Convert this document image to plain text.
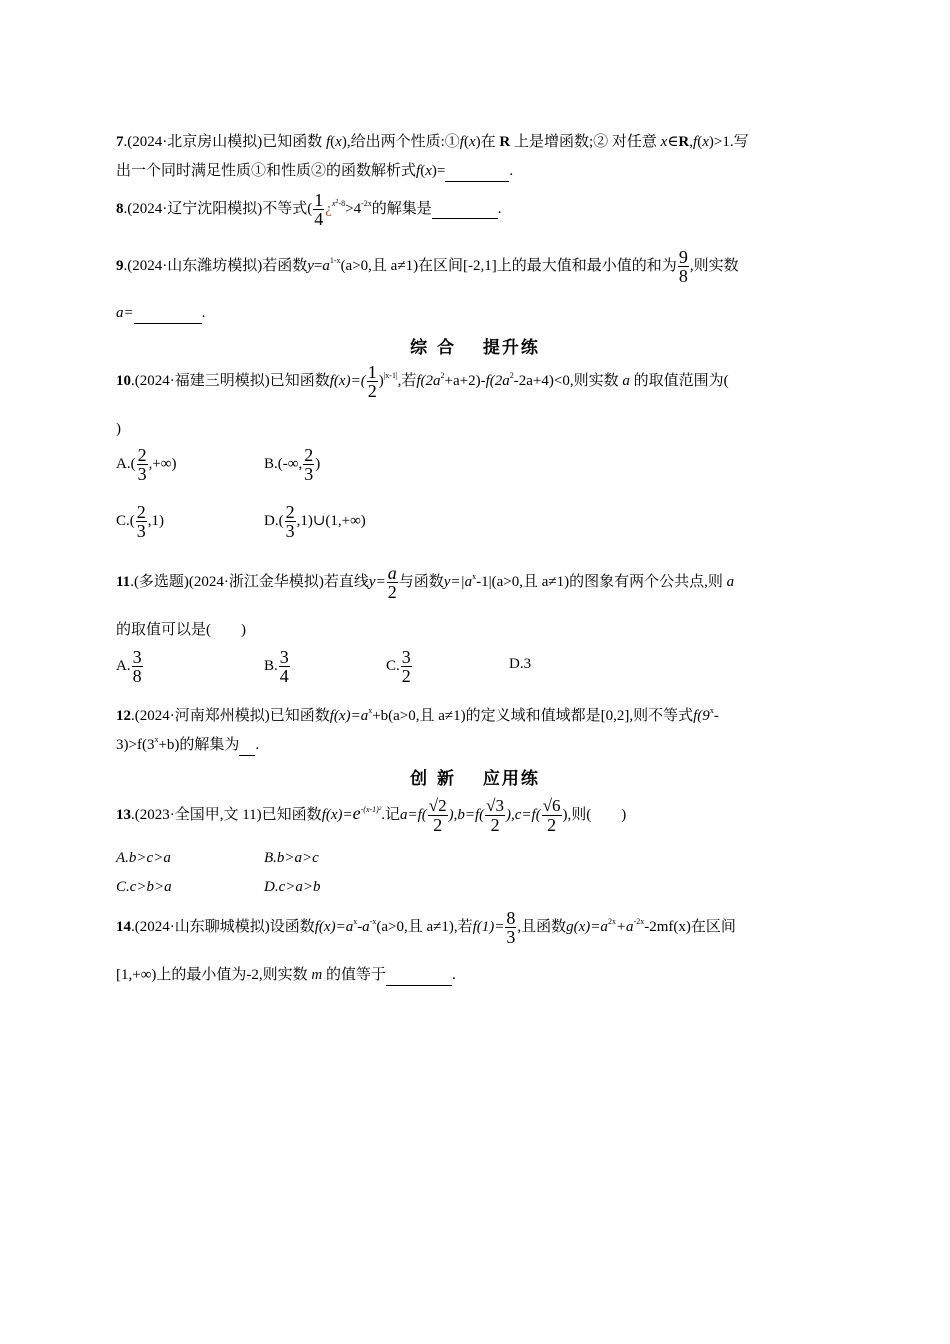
7.(2024·北京房山模拟)已知函数 f(x),给出两个性质:①f(x)在 R 上是增函数;② 对任意 x∈R,f(x)>1.写
出一个同时满足性质①和性质②的函数解析式f(x)=	.
8.(2024·辽宁沈阳模拟)不等式( $\frac{1}{4}$ ¿$^{x^2-8}>4^{-2x}$的解集是	.
9.(2024·山东潍坊模拟)若函数$y=a^{1-x}(a>0$,且 a≠1)在区间[-2,1]上的最大值和最小值的和为 $\frac{9}{8}$ ,则实数
a=	.
综 合　 提升练
10.(2024·福建三明模拟)已知函数$f(x)=( \frac{1}{2} )^{|x-1|}$,若$f(2a^2+a+2)-f(2a^2-2a+4)<0$,则实数 a 的取值范围为(
)
$A.( \frac{2}{3}$ ,+∞)	B.(-∞, $\frac{2}{3}$ )
$C.( \frac{2}{3} ,1)$	$D.( \frac{2}{3}$ ,1)∪(1,+∞)
11.(多选题)(2024·浙江金华模拟)若直线$y= \frac{a}{2}$ 与函数$y=|a^x-1|(a>0$,且 a≠1)的图象有两个公共点,则 a
的取值可以是(　　)
A. $\frac{3}{8}$	B. $\frac{3}{4}$	C. $\frac{3}{2}$	D.3
12.(2024·河南郑州模拟)已知函数$f(x)=a^x+b(a>0$,且 a≠1)的定义域和值域都是[0,2],则不等式f(9$^x$-
$3)>f(3^x+b)$的解集为 .
创 新　 应用练
13.(2023·全国甲,文 11)已知函数$f(x)=e^{-(x-1)^2}$.记$a=f( \frac{√2}{2} ),b=f( \frac{√3}{2} ),c=f( \frac{√6}{2}$ ),则(　　)
A.b>c>a	B.b>a>c
C.c>b>a	D.c>a>b
14.(2024·山东聊城模拟)设函数$f(x)=a^x-a^{-x}(a>0$,且 a≠1),若$f(1)= \frac{8}{3}$ ,且函数$g(x)=a^{2x}+a^{-2x}-2mf(x)$在区间
[1,+∞)上的最小值为-2,则实数 m 的值等于	.
